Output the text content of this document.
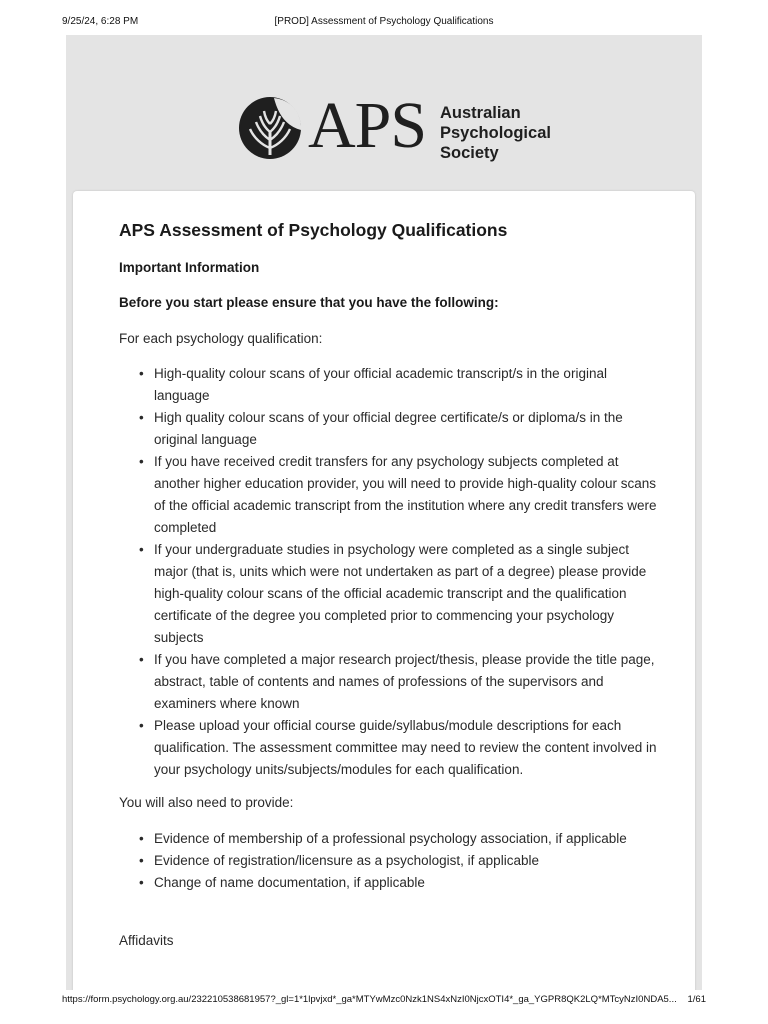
9/25/24, 6:28 PM	[PROD] Assessment of Psychology Qualifications
APS Australian
Psychological
Society
APS Assessment of Psychology Qualifications
Important Information
Before you start please ensure that you have the following:
For each psychology qualification:
• High-quality colour scans of your official academic transcript/s in the original language
• High quality colour scans of your official degree certificate/s or diploma/s in the original language
• If you have received credit transfers for any psychology subjects completed at another higher education provider, you will need to provide high-quality colour scans of the official academic transcript from the institution where any credit transfers were completed
• If your undergraduate studies in psychology were completed as a single subject major (that is, units which were not undertaken as part of a degree) please provide high-quality colour scans of the official academic transcript and the qualification certificate of the degree you completed prior to commencing your psychology subjects
• If you have completed a major research project/thesis, please provide the title page, abstract, table of contents and names of professions of the supervisors and examiners where known
• Please upload your official course guide/syllabus/module descriptions for each qualification. The assessment committee may need to review the content involved in your psychology units/subjects/modules for each qualification.
You will also need to provide:
• Evidence of membership of a professional psychology association, if applicable
• Evidence of registration/licensure as a psychologist, if applicable
• Change of name documentation, if applicable
Affidavits
https://form.psychology.org.au/232210538681957?_gl=1*1lpvjxd*_ga*MTYwMzc0Nzk1NS4xNzI0NjcxOTI4*_ga_YGPR8QK2LQ*MTcyNzI0NDA5...	1/61
